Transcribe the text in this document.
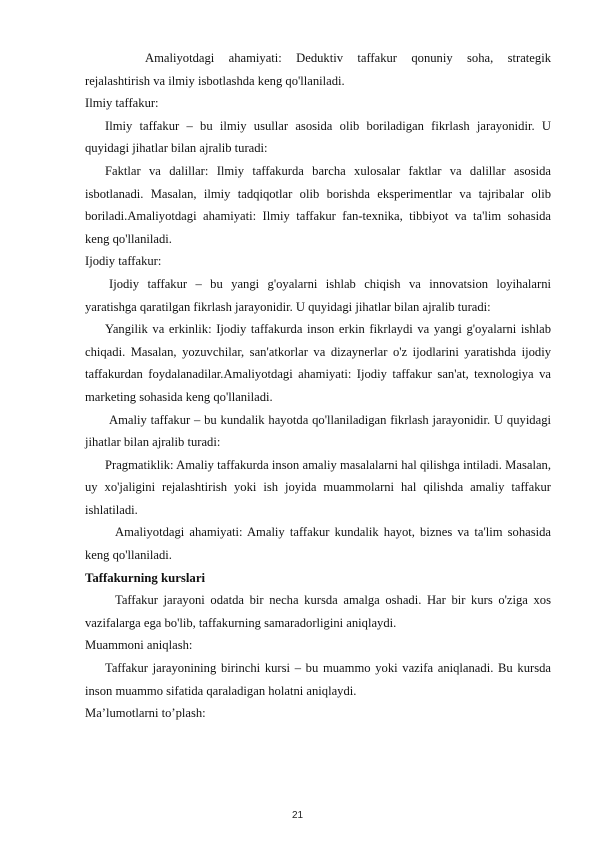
Amaliyotdagi ahamiyati: Deduktiv taffakur qonuniy soha, strategik rejalashtirish va ilmiy isbotlashda keng qo'llaniladi.

Ilmiy taffakur:

Ilmiy taffakur – bu ilmiy usullar asosida olib boriladigan fikrlash jarayonidir. U quyidagi jihatlar bilan ajralib turadi:

Faktlar va dalillar: Ilmiy taffakurda barcha xulosalar faktlar va dalillar asosida isbotlanadi. Masalan, ilmiy tadqiqotlar olib borishda eksperimentlar va tajribalar olib boriladi.Amaliyotdagi ahamiyati: Ilmiy taffakur fan-texnika, tibbiyot va ta'lim sohasida keng qo'llaniladi.

Ijodiy taffakur:

Ijodiy taffakur – bu yangi g'oyalarni ishlab chiqish va innovatsion loyihalarni yaratishga qaratilgan fikrlash jarayonidir. U quyidagi jihatlar bilan ajralib turadi:

Yangilik va erkinlik: Ijodiy taffakurda inson erkin fikrlaydi va yangi g'oyalarni ishlab chiqadi. Masalan, yozuvchilar, san'atkorlar va dizaynerlar o'z ijodlarini yaratishda ijodiy taffakurdan foydalanadilar.Amaliyotdagi ahamiyati: Ijodiy taffakur san'at, texnologiya va marketing sohasida keng qo'llaniladi.

Amaliy taffakur – bu kundalik hayotda qo'llaniladigan fikrlash jarayonidir. U quyidagi jihatlar bilan ajralib turadi:

Pragmatiklik: Amaliy taffakurda inson amaliy masalalarni hal qilishga intiladi. Masalan, uy xo'jaligini rejalashtirish yoki ish joyida muammolarni hal qilishda amaliy taffakur ishlatiladi.

Amaliyotdagi ahamiyati: Amaliy taffakur kundalik hayot, biznes va ta'lim sohasida keng qo'llaniladi.

Taffakurning kurslari

Taffakur jarayoni odatda bir necha kursda amalga oshadi. Har bir kurs o'ziga xos vazifalarga ega bo'lib, taffakurning samaradorligini aniqlaydi.

Muammoni aniqlash:

Taffakur jarayonining birinchi kursi – bu muammo yoki vazifa aniqlanadi. Bu kursda inson muammo sifatida qaraladigan holatni aniqlaydi.

Ma’lumotlarni to’plash:

21
